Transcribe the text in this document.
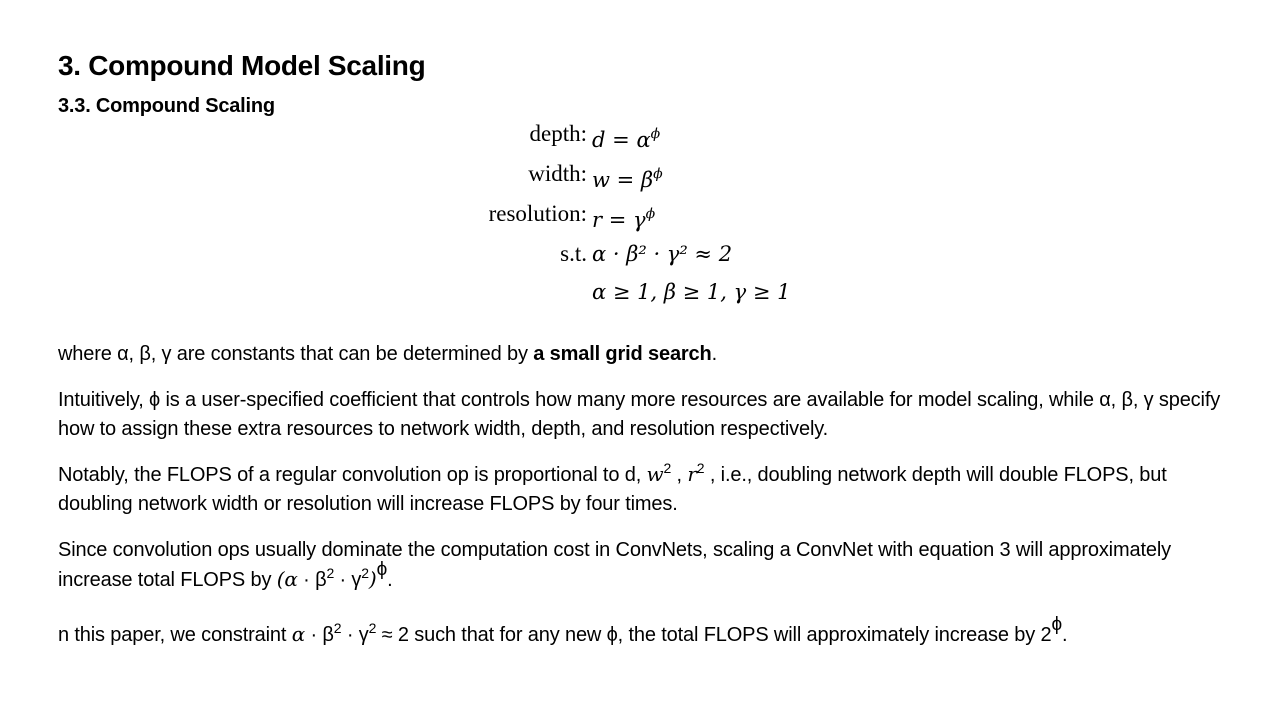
3. Compound Model Scaling
3.3. Compound Scaling
depth: $d = \alpha^\phi$
width: $w = \beta^\phi$
resolution: $r = \gamma^\phi$
s.t. α · β² · γ² ≈ 2
α ≥ 1, β ≥ 1, γ ≥ 1
where α, β, γ are constants that can be determined by a small grid search.
Intuitively, ϕ is a user-specified coefficient that controls how many more resources are available for model scaling, while α, β, γ specify how to assign these extra resources to network width, depth, and resolution respectively.
Notably, the FLOPS of a regular convolution op is proportional to d, $w^2$ , $r^2$ , i.e., doubling network depth will double FLOPS, but doubling network width or resolution will increase FLOPS by four times.
Since convolution ops usually dominate the computation cost in ConvNets, scaling a ConvNet with equation 3 will approximately increase total FLOPS by $(\alpha \cdot \beta^2 \cdot \gamma^2)\phi$.
n this paper, we constraint $\alpha \cdot \beta^2 \cdot \gamma^2 \approx 2$ such that for any new ϕ, the total FLOPS will approximately increase by 2ϕ.
